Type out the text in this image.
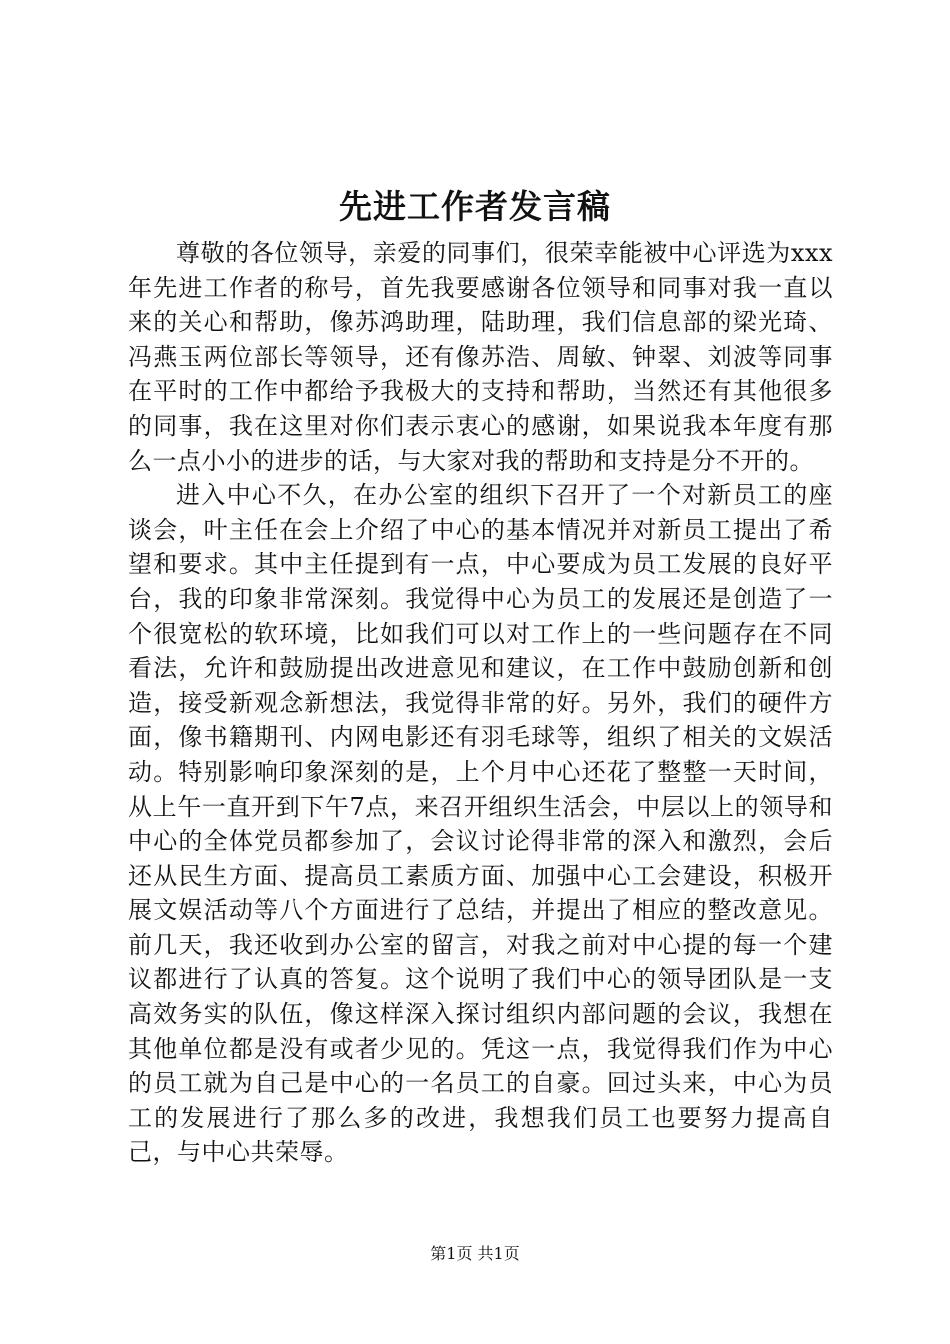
先进工作者发言稿

尊敬的各位领导，亲爱的同事们，很荣幸能被中心评选为xxx年先进工作者的称号，首先我要感谢各位领导和同事对我一直以来的关心和帮助，像苏鸿助理，陆助理，我们信息部的梁光琦、冯燕玉两位部长等领导，还有像苏浩、周敏、钟翠、刘波等同事在平时的工作中都给予我极大的支持和帮助，当然还有其他很多的同事，我在这里对你们表示衷心的感谢，如果说我本年度有那么一点小小的进步的话，与大家对我的帮助和支持是分不开的。

进入中心不久，在办公室的组织下召开了一个对新员工的座谈会，叶主任在会上介绍了中心的基本情况并对新员工提出了希望和要求。其中主任提到有一点，中心要成为员工发展的良好平台，我的印象非常深刻。我觉得中心为员工的发展还是创造了一个很宽松的软环境，比如我们可以对工作上的一些问题存在不同看法，允许和鼓励提出改进意见和建议，在工作中鼓励创新和创造，接受新观念新想法，我觉得非常的好。另外，我们的硬件方面，像书籍期刊、内网电影还有羽毛球等，组织了相关的文娱活动。特别影响印象深刻的是，上个月中心还花了整整一天时间，从上午一直开到下午7点，来召开组织生活会，中层以上的领导和中心的全体党员都参加了，会议讨论得非常的深入和激烈，会后还从民生方面、提高员工素质方面、加强中心工会建设，积极开展文娱活动等八个方面进行了总结，并提出了相应的整改意见。前几天，我还收到办公室的留言，对我之前对中心提的每一个建议都进行了认真的答复。这个说明了我们中心的领导团队是一支高效务实的队伍，像这样深入探讨组织内部问题的会议，我想在其他单位都是没有或者少见的。凭这一点，我觉得我们作为中心的员工就为自己是中心的一名员工的自豪。回过头来，中心为员工的发展进行了那么多的改进，我想我们员工也要努力提高自己，与中心共荣辱。

第1页 共1页
